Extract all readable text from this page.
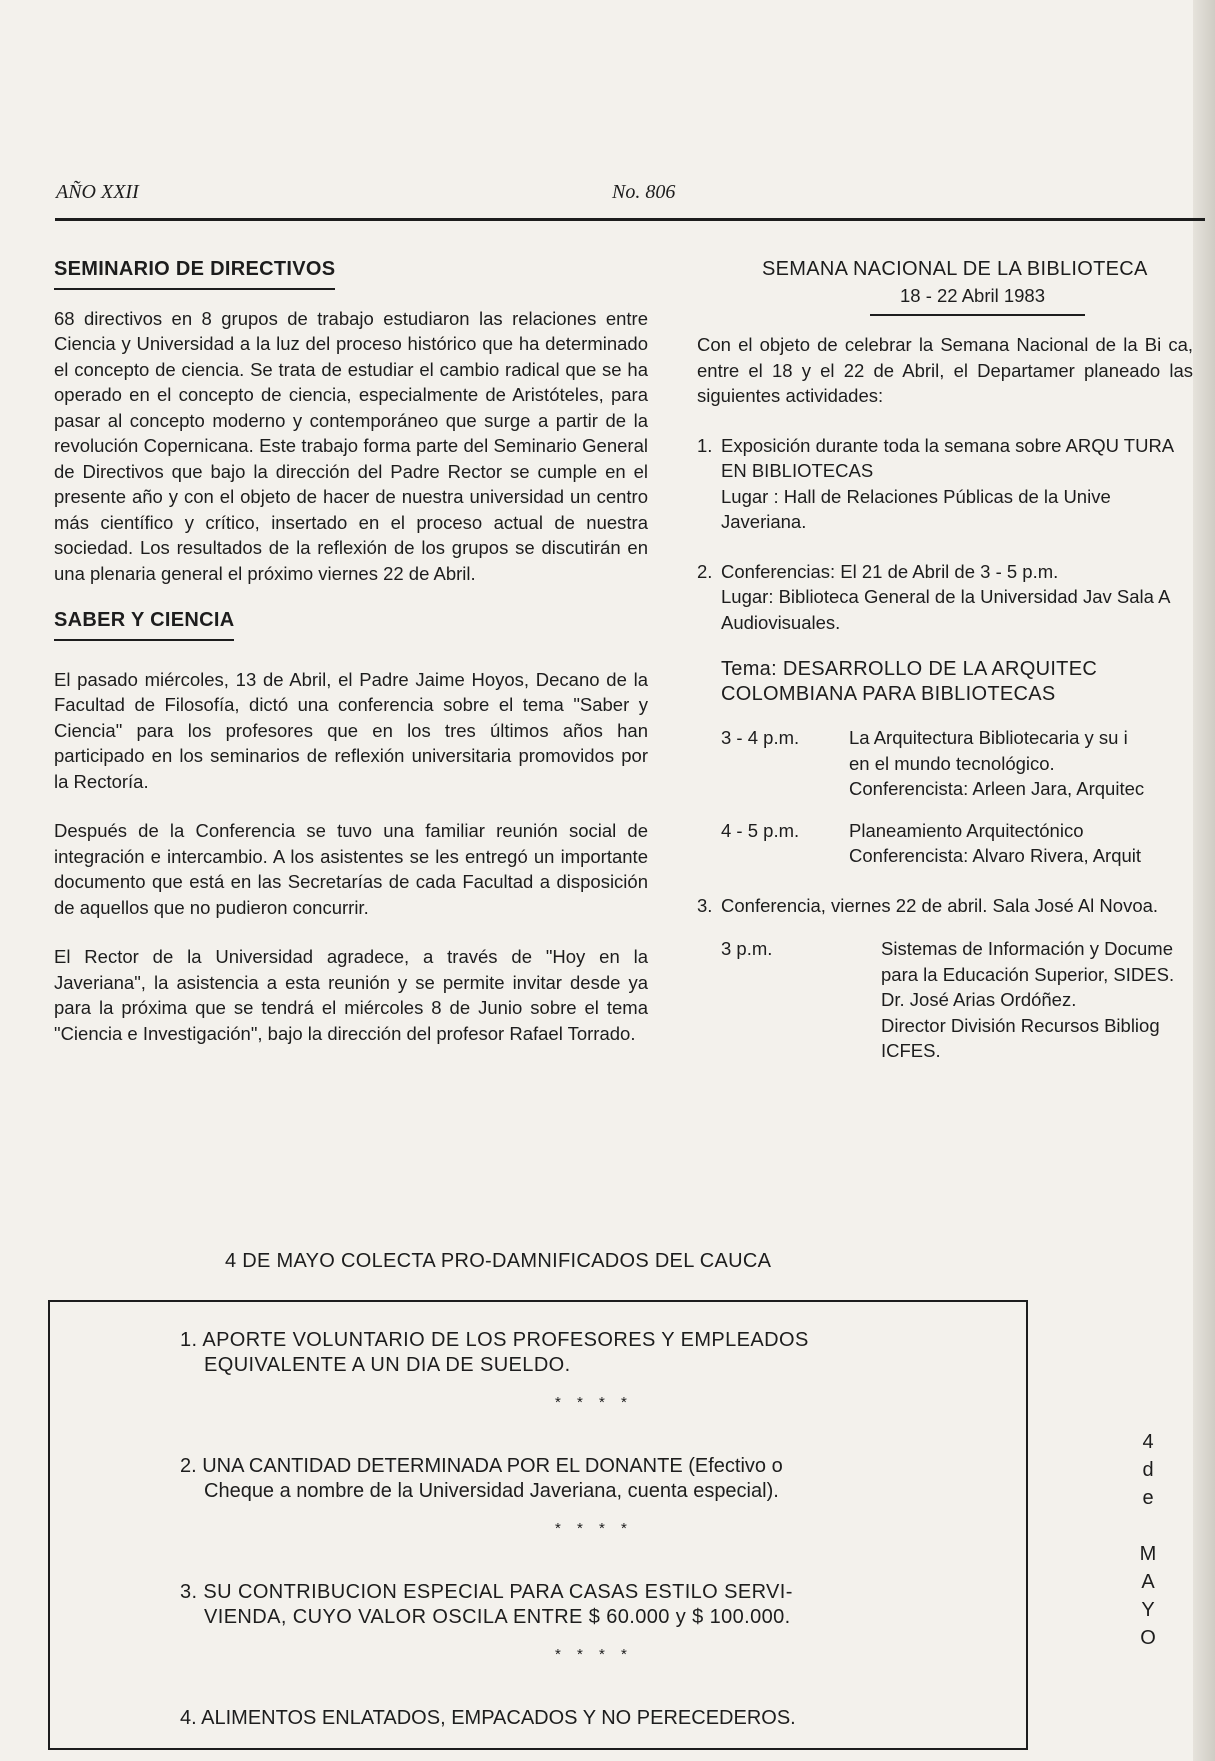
AÑO XXII	No. 806
SEMINARIO DE DIRECTIVOS

68 directivos en 8 grupos de trabajo estudiaron las relaciones entre Ciencia y Universidad a la luz del proceso histórico que ha determinado el concepto de ciencia. Se trata de estudiar el cambio radical que se ha operado en el concepto de ciencia, especialmente de Aristóteles, para pasar al concepto moderno y contemporáneo que surge a partir de la revolución Copernicana. Este trabajo forma parte del Seminario General de Directivos que bajo la dirección del Padre Rector se cumple en el presente año y con el objeto de hacer de nuestra universidad un centro más científico y crítico, insertado en el proceso actual de nuestra sociedad. Los resultados de la reflexión de los grupos se discutirán en una plenaria general el próximo viernes 22 de Abril.

SABER Y CIENCIA

El pasado miércoles, 13 de Abril, el Padre Jaime Hoyos, Decano de la Facultad de Filosofía, dictó una conferencia sobre el tema "Saber y Ciencia" para los profesores que en los tres últimos años han participado en los seminarios de reflexión universitaria promovidos por la Rectoría.

Después de la Conferencia se tuvo una familiar reunión social de integración e intercambio. A los asistentes se les entregó un importante documento que está en las Secretarías de cada Facultad a disposición de aquellos que no pudieron concurrir.

El Rector de la Universidad agradece, a través de "Hoy en la Javeriana", la asistencia a esta reunión y se permite invitar desde ya para la próxima que se tendrá el miércoles 8 de Junio sobre el tema "Ciencia e Investigación", bajo la dirección del profesor Rafael Torrado.

SEMANA NACIONAL DE LA BIBLIOTECA
18 - 22 Abril 1983

Con el objeto de celebrar la Semana Nacional de la Bi ca, entre el 18 y el 22 de Abril, el Departamer planeado las siguientes actividades:

1. Exposición durante toda la semana sobre ARQU TURA EN BIBLIOTECAS
Lugar : Hall de Relaciones Públicas de la Unive Javeriana.
2. Conferencias: El 21 de Abril de 3 - 5 p.m.
Lugar: Biblioteca General de la Universidad Jav Sala A Audiovisuales.
Tema: DESARROLLO DE LA ARQUITEC COLOMBIANA PARA BIBLIOTECAS
3 - 4 p.m.	La Arquitectura Bibliotecaria y su i
en el mundo tecnológico.
Conferencista: Arleen Jara, Arquitec
4 - 5 p.m.	Planeamiento Arquitectónico
Conferencista: Alvaro Rivera, Arquit
3. Conferencia, viernes 22 de abril. Sala José Al Novoa.
3 p.m.	Sistemas de Información y Docume
para la Educación Superior, SIDES.
Dr. José Arias Ordóñez.
Director División Recursos Bibliog
ICFES.
4 DE MAYO COLECTA PRO-DAMNIFICADOS DEL CAUCA
1. APORTE VOLUNTARIO DE LOS PROFESORES Y EMPLEADOS
EQUIVALENTE A UN DIA DE SUELDO.
* * * *
2. UNA CANTIDAD DETERMINADA POR EL DONANTE (Efectivo o
Cheque a nombre de la Universidad Javeriana, cuenta especial).
* * * *
3. SU CONTRIBUCION ESPECIAL PARA CASAS ESTILO SERVI-
VIENDA, CUYO VALOR OSCILA ENTRE $ 60.000 y $ 100.000.
* * * *
4. ALIMENTOS ENLATADOS, EMPACADOS Y NO PERECEDEROS.
4
d
e
M
A
Y
O
